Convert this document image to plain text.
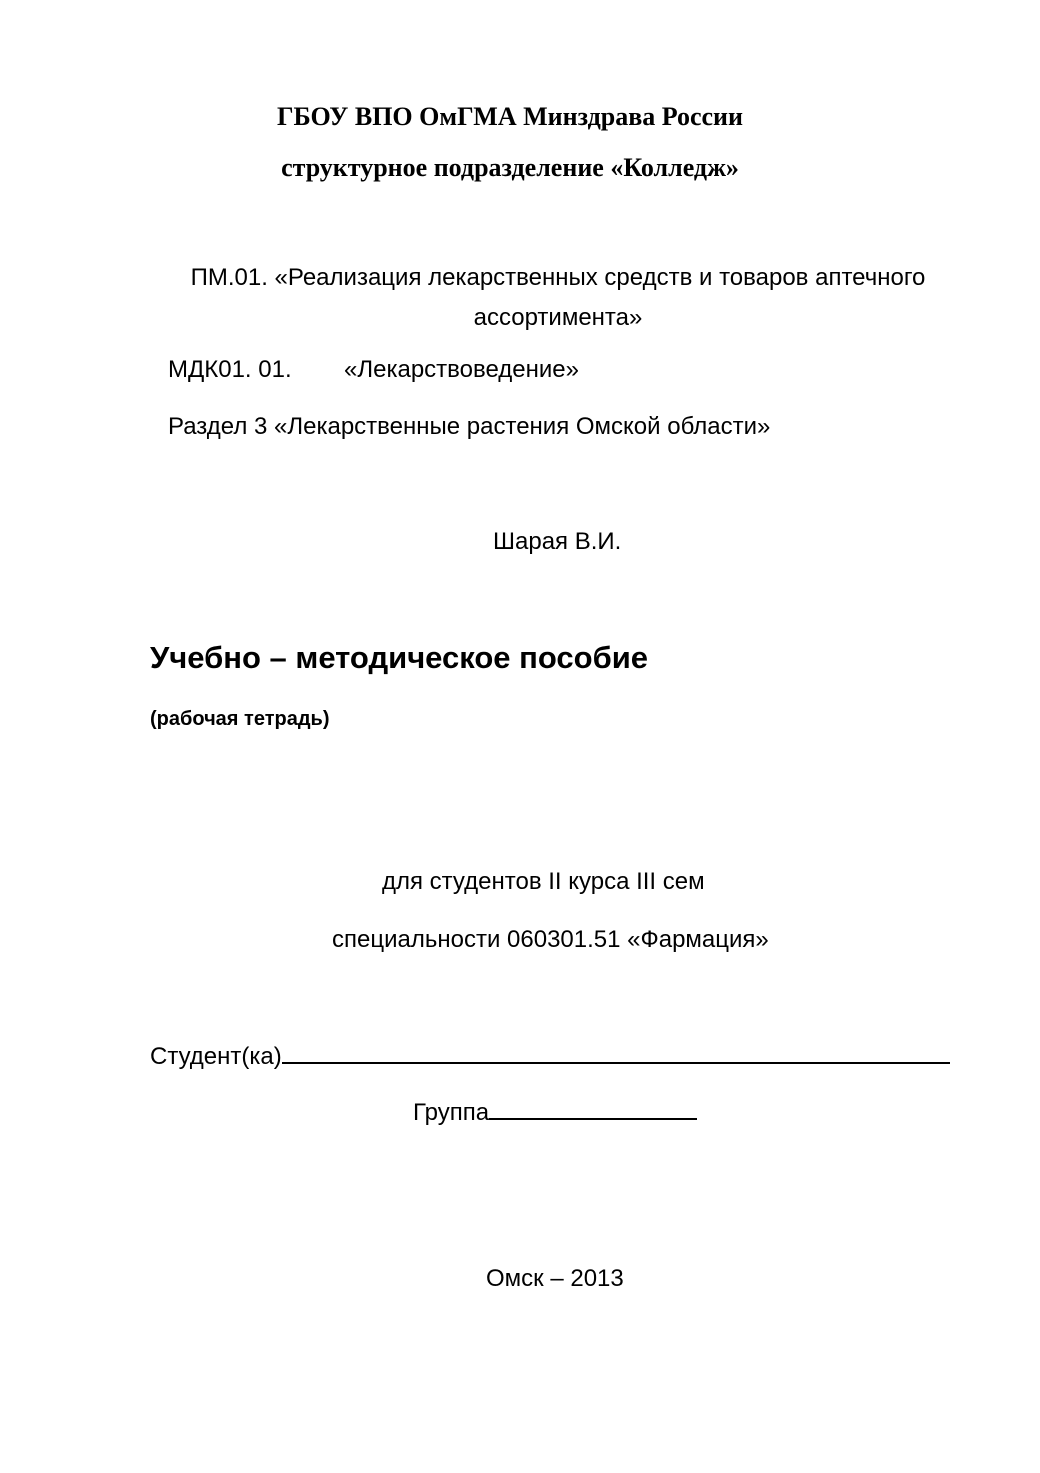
ГБОУ ВПО ОмГМА Минздрава России
структурное подразделение «Колледж»
ПМ.01. «Реализация лекарственных средств и товаров аптечного
ассортимента»
МДК01. 01. «Лекарствоведение»
Раздел 3 «Лекарственные растения Омской области»
Шарая В.И.
Учебно – методическое пособие
(рабочая тетрадь)
для студентов II курса III сем
специальности 060301.51 «Фармация»
Студент(ка)
Группа
Омск – 2013
